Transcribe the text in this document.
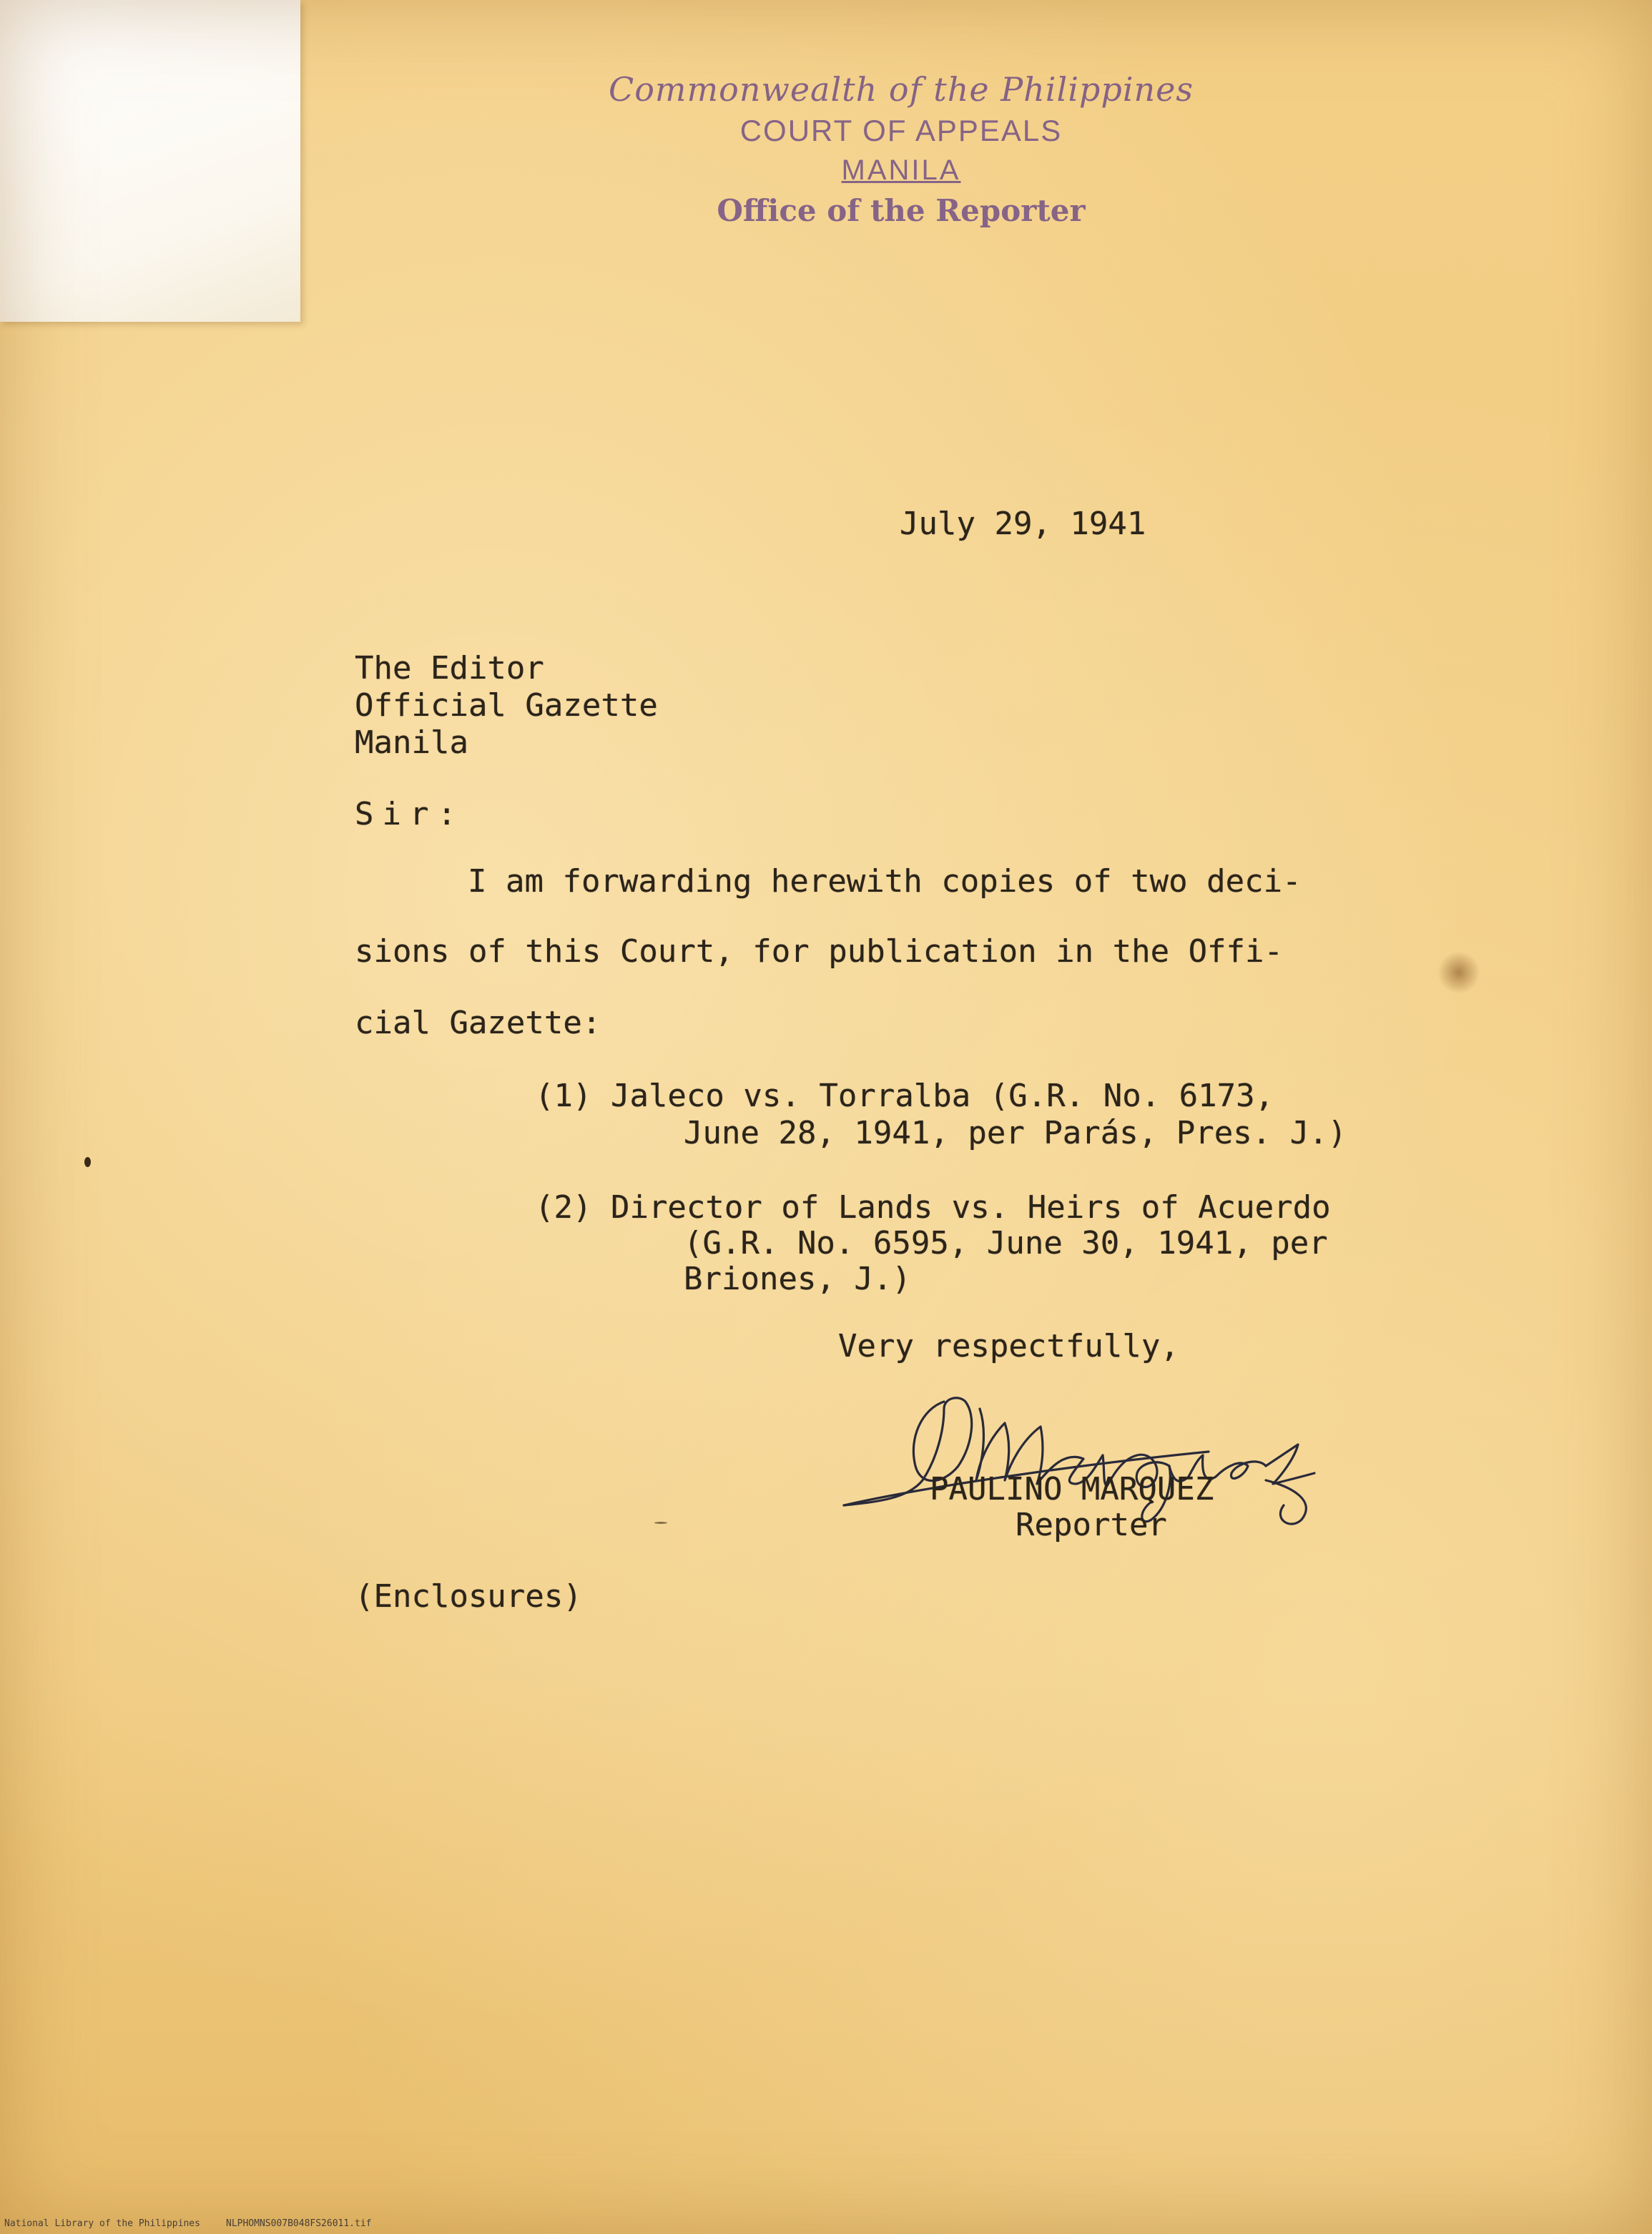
Commonwealth of the Philippines
COURT OF APPEALS
MANILA
Office of the Reporter
July 29, 1941
The Editor
Official Gazette
Manila
Sir:
I am forwarding herewith copies of two deci-
sions of this Court, for publication in the Offi-
cial Gazette:
(1) Jaleco vs. Torralba (G.R. No. 6173,
June 28, 1941, per Parás, Pres. J.)
(2) Director of Lands vs. Heirs of Acuerdo
(G.R. No. 6595, June 30, 1941, per
Briones, J.)
Very respectfully,
PAULINO MARQUEZ
Reporter
(Enclosures)
National Library of the Philippines	NLPHOMNS007B048FS26011.tif
